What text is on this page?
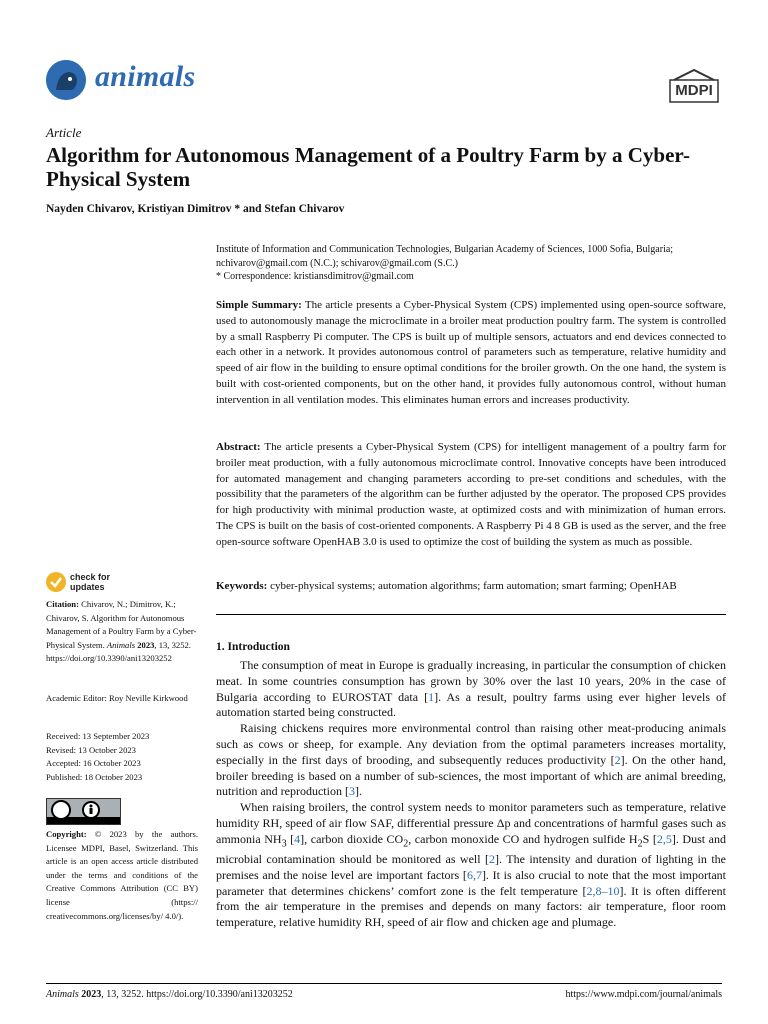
animals	MDPI
Article
Algorithm for Autonomous Management of a Poultry Farm by a Cyber-Physical System
Nayden Chivarov, Kristiyan Dimitrov * and Stefan Chivarov
Institute of Information and Communication Technologies, Bulgarian Academy of Sciences, 1000 Sofia, Bulgaria;
nchivarov@gmail.com (N.C.); schivarov@gmail.com (S.C.)
* Correspondence: kristiansdimitrov@gmail.com
Simple Summary: The article presents a Cyber-Physical System (CPS) implemented using open-source software, used to autonomously manage the microclimate in a broiler meat production poultry farm. The system is controlled by a small Raspberry Pi computer. The CPS is built up of multiple sensors, actuators and end devices connected to each other in a network. It provides autonomous control of parameters such as temperature, relative humidity and speed of air flow in the building to ensure optimal conditions for the broiler growth. On the one hand, the system is built with cost-oriented components, but on the other hand, it provides fully autonomous control, without human intervention in all ventilation modes. This eliminates human errors and increases productivity.
Abstract: The article presents a Cyber-Physical System (CPS) for intelligent management of a poultry farm for broiler meat production, with a fully autonomous microclimate control. Innovative concepts have been introduced for automated management and changing parameters according to pre-set conditions and schedules, with the possibility that the parameters of the algorithm can be further adjusted by the operator. The proposed CPS provides for high productivity with minimal production waste, at optimized costs and with minimization of human errors. The CPS is built on the basis of cost-oriented components. A Raspberry Pi 4 8 GB is used as the server, and the free open-source software OpenHAB 3.0 is used to optimize the cost of building the system as much as possible.
Keywords: cyber-physical systems; automation algorithms; farm automation; smart farming; OpenHAB
check for
updates
Citation: Chivarov, N.; Dimitrov, K.; Chivarov, S. Algorithm for Autonomous Management of a Poultry Farm by a Cyber-Physical System. Animals 2023, 13, 3252. https://doi.org/10.3390/ani13203252
Academic Editor: Roy Neville Kirkwood
Received: 13 September 2023
Revised: 13 October 2023
Accepted: 16 October 2023
Published: 18 October 2023
Copyright: © 2023 by the authors. Licensee MDPI, Basel, Switzerland. This article is an open access article distributed under the terms and conditions of the Creative Commons Attribution (CC BY) license (https:// creativecommons.org/licenses/by/ 4.0/).
1. Introduction

The consumption of meat in Europe is gradually increasing, in particular the consumption of chicken meat. In some countries consumption has grown by 30% over the last 10 years, 20% in the case of Bulgaria according to EUROSTAT data [1]. As a result, poultry farms using ever higher levels of automation started being constructed.

Raising chickens requires more environmental control than raising other meat-producing animals such as cows or sheep, for example. Any deviation from the optimal parameters increases mortality, especially in the first days of brooding, and subsequently reduces productivity [2]. On the other hand, broiler breeding is based on a number of sub-sciences, the most important of which are animal breeding, nutrition and reproduction [3].

When raising broilers, the control system needs to monitor parameters such as temperature, relative humidity RH, speed of air flow SAF, differential pressure Δp and concentrations of harmful gases such as ammonia $NH_3$ [4], carbon dioxide $CO_2$, carbon monoxide CO and hydrogen sulfide $H_2S$ [2,5]. Dust and microbial contamination should be monitored as well [2]. The intensity and duration of lighting in the premises and the noise level are important factors [6,7]. It is also crucial to note that the most important parameter that determines chickens’ comfort zone is the felt temperature [2,8–10]. It is often different from the air temperature in the premises and depends on many factors: air temperature, floor room temperature, relative humidity RH, speed of air flow and chicken age and plumage.

Animals 2023, 13, 3252. https://doi.org/10.3390/ani13203252	https://www.mdpi.com/journal/animals
